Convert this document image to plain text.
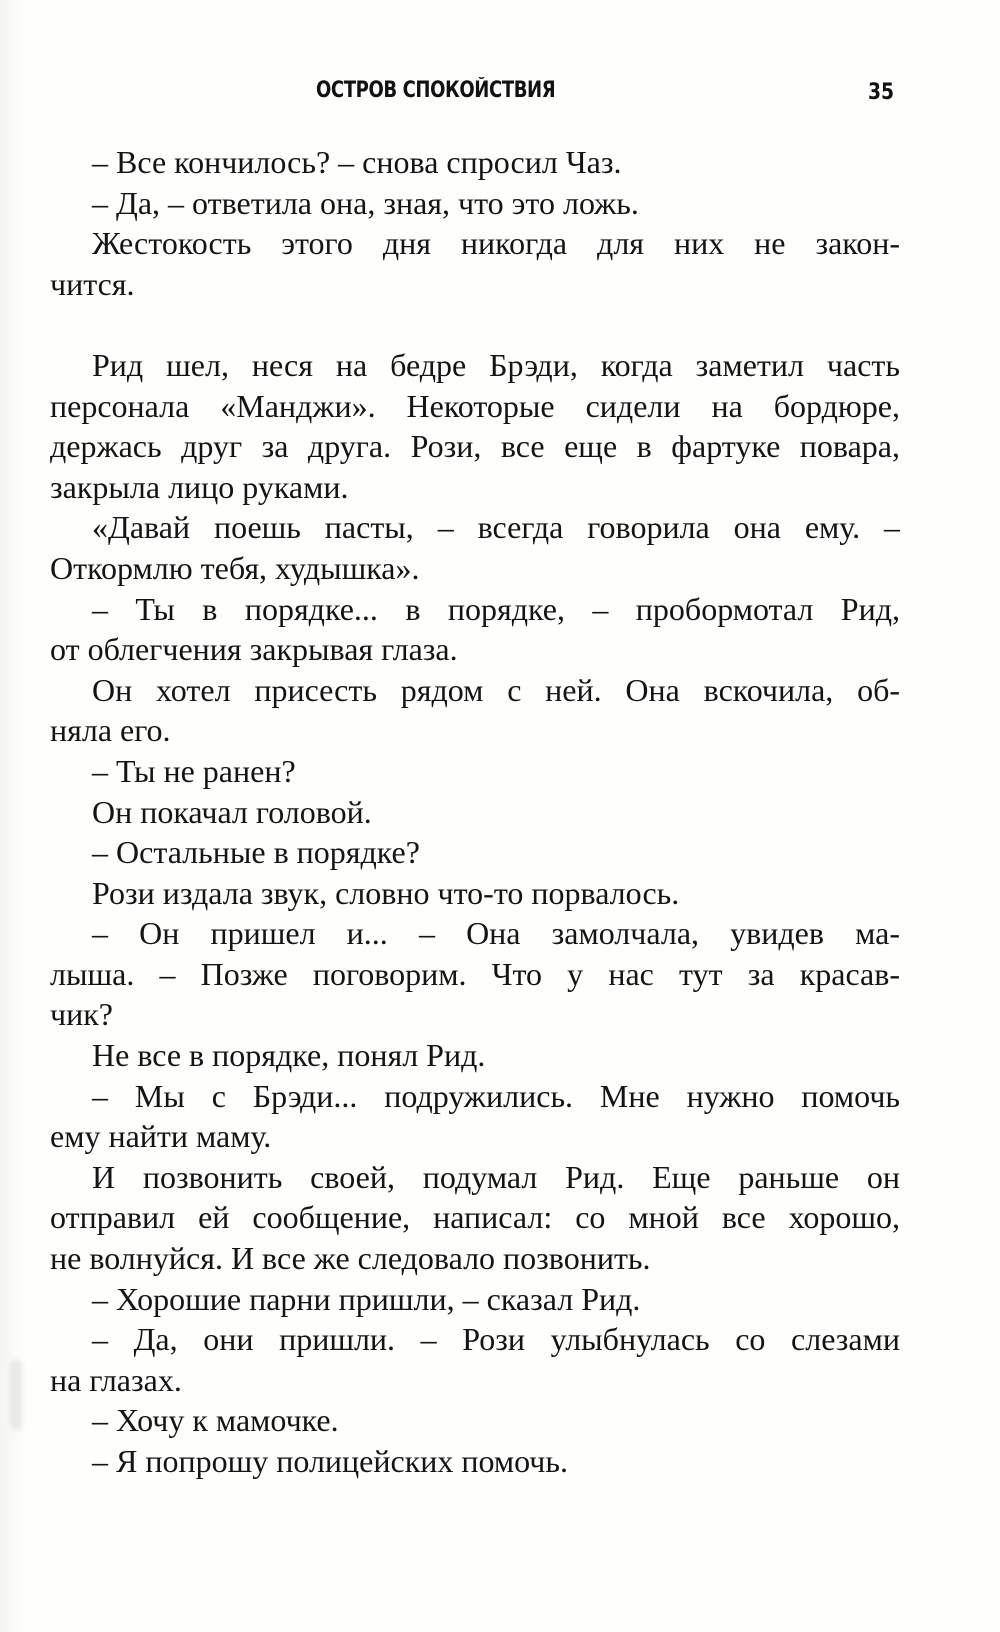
ОСТРОВ СПОКОЙСТВИЯ	35
– Все кончилось? – снова спросил Чаз.
– Да, – ответила она, зная, что это ложь.
Жестокость этого дня никогда для них не закон-
чится.
Рид шел, неся на бедре Брэди, когда заметил часть
персонала «Манджи». Некоторые сидели на бордюре,
держась друг за друга. Рози, все еще в фартуке повара,
закрыла лицо руками.
«Давай поешь пасты, – всегда говорила она ему. –
Откормлю тебя, худышка».
– Ты в порядке... в порядке, – пробормотал Рид,
от облегчения закрывая глаза.
Он хотел присесть рядом с ней. Она вскочила, об-
няла его.
– Ты не ранен?
Он покачал головой.
– Остальные в порядке?
Рози издала звук, словно что-то порвалось.
– Он пришел и... – Она замолчала, увидев ма-
лыша. – Позже поговорим. Что у нас тут за красав-
чик?
Не все в порядке, понял Рид.
– Мы с Брэди... подружились. Мне нужно помочь
ему найти маму.
И позвонить своей, подумал Рид. Еще раньше он
отправил ей сообщение, написал: со мной все хорошо,
не волнуйся. И все же следовало позвонить.
– Хорошие парни пришли, – сказал Рид.
– Да, они пришли. – Рози улыбнулась со слезами
на глазах.
– Хочу к мамочке.
– Я попрошу полицейских помочь.
